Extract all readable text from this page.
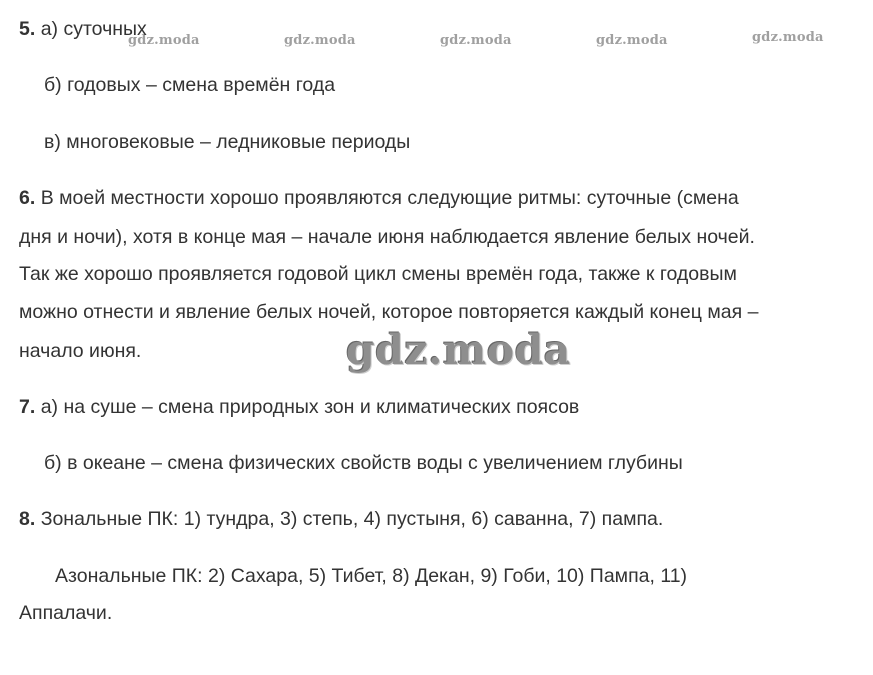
gdz.moda	gdz.moda	gdz.moda	gdz.moda	gdz.moda
5. а) суточных
б) годовых – смена времён года
в) многовековые – ледниковые периоды
6. В моей местности хорошо проявляются следующие ритмы: суточные (смена
дня и ночи), хотя в конце мая – начале июня наблюдается явление белых ночей.
Так же хорошо проявляется годовой цикл смены времён года, также к годовым
можно отнести и явление белых ночей, которое повторяется каждый конец мая –
начало июня.	gdz.moda
7. а) на суше – смена природных зон и климатических поясов
б) в океане – смена физических свойств воды с увеличением глубины
8. Зональные ПК: 1) тундра, 3) степь, 4) пустыня, 6) саванна, 7) пампа.
Азональные ПК: 2) Сахара, 5) Тибет, 8) Декан, 9) Гоби, 10) Пампа, 11)
Аппалачи.
